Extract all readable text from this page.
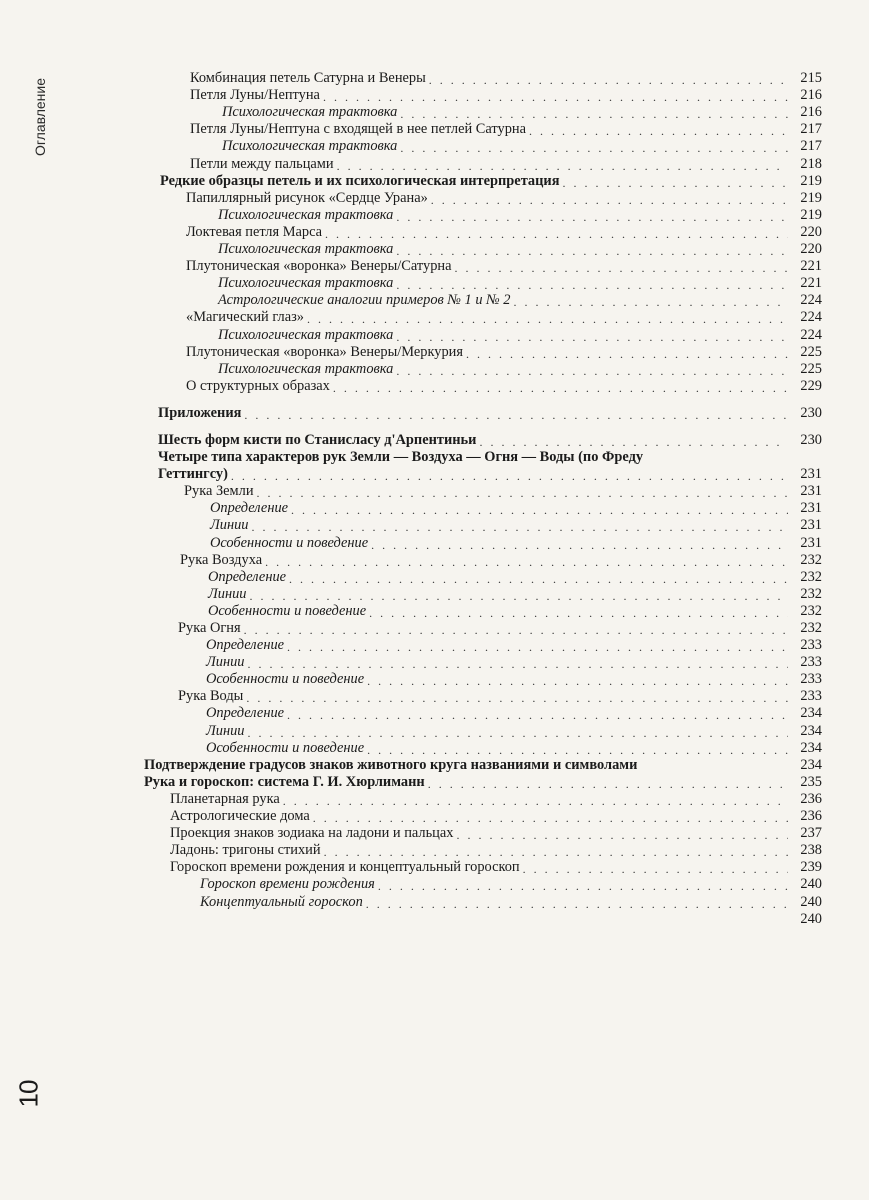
Оглавление	Комбинация петель Сатурна и Венеры . . .	215
Петля Луны/Нептуна . . .	216
Психологическая трактовка . . .	216
Петля Луны/Нептуна с входящей в нее петлей Сатурна . . .	217
Психологическая трактовка . . .	217
Петли между пальцами . . .	218
Редкие образцы петель и их психологическая интерпретация . . .	219
Папиллярный рисунок «Сердце Урана» . . .	219
Психологическая трактовка . . .	219
Локтевая петля Марса . . .	220
Психологическая трактовка . . .	220
Плутоническая «воронка» Венеры/Сатурна . . .	221
Психологическая трактовка . . .	221
Астрологические аналогии примеров № 1 и № 2 . . .	224
«Магический глаз» . . .	224
Психологическая трактовка . . .	224
Плутоническая «воронка» Венеры/Меркурия . . .	225
Психологическая трактовка . . .	225
О структурных образах . . .	229
Приложения . . .	230
Шесть форм кисти по Станисласу д'Арпентиньи . . .	230
Четыре типа характеров рук Земли — Воздуха — Огня — Воды (по Фреду
Геттингсу) . . .	231
Рука Земли . . .	231
Определение . . .	231
Линии . . .	231
Особенности и поведение . . .	231
Рука Воздуха . . .	232
Определение . . .	232
Линии . . .	232
Особенности и поведение . . .	232
Рука Огня . . .	232
Определение . . .	233
Линии . . .	233
Особенности и поведение . . .	233
Рука Воды . . .	233
Определение . . .	234
Линии . . .	234
Особенности и поведение . . .	234
Подтверждение градусов знаков животного круга названиями и символами	234
Рука и гороскоп: система Г. И. Хюрлиманн . . .	235
Планетарная рука . . .	236
Астрологические дома . . .	236
Проекция знаков зодиака на ладони и пальцах . . .	237
Ладонь: тригоны стихий . . .	238
Гороскоп времени рождения и концептуальный гороскоп . . .	239
Гороскоп времени рождения . . .	240
Концептуальный гороскоп . . .	240
240
10
